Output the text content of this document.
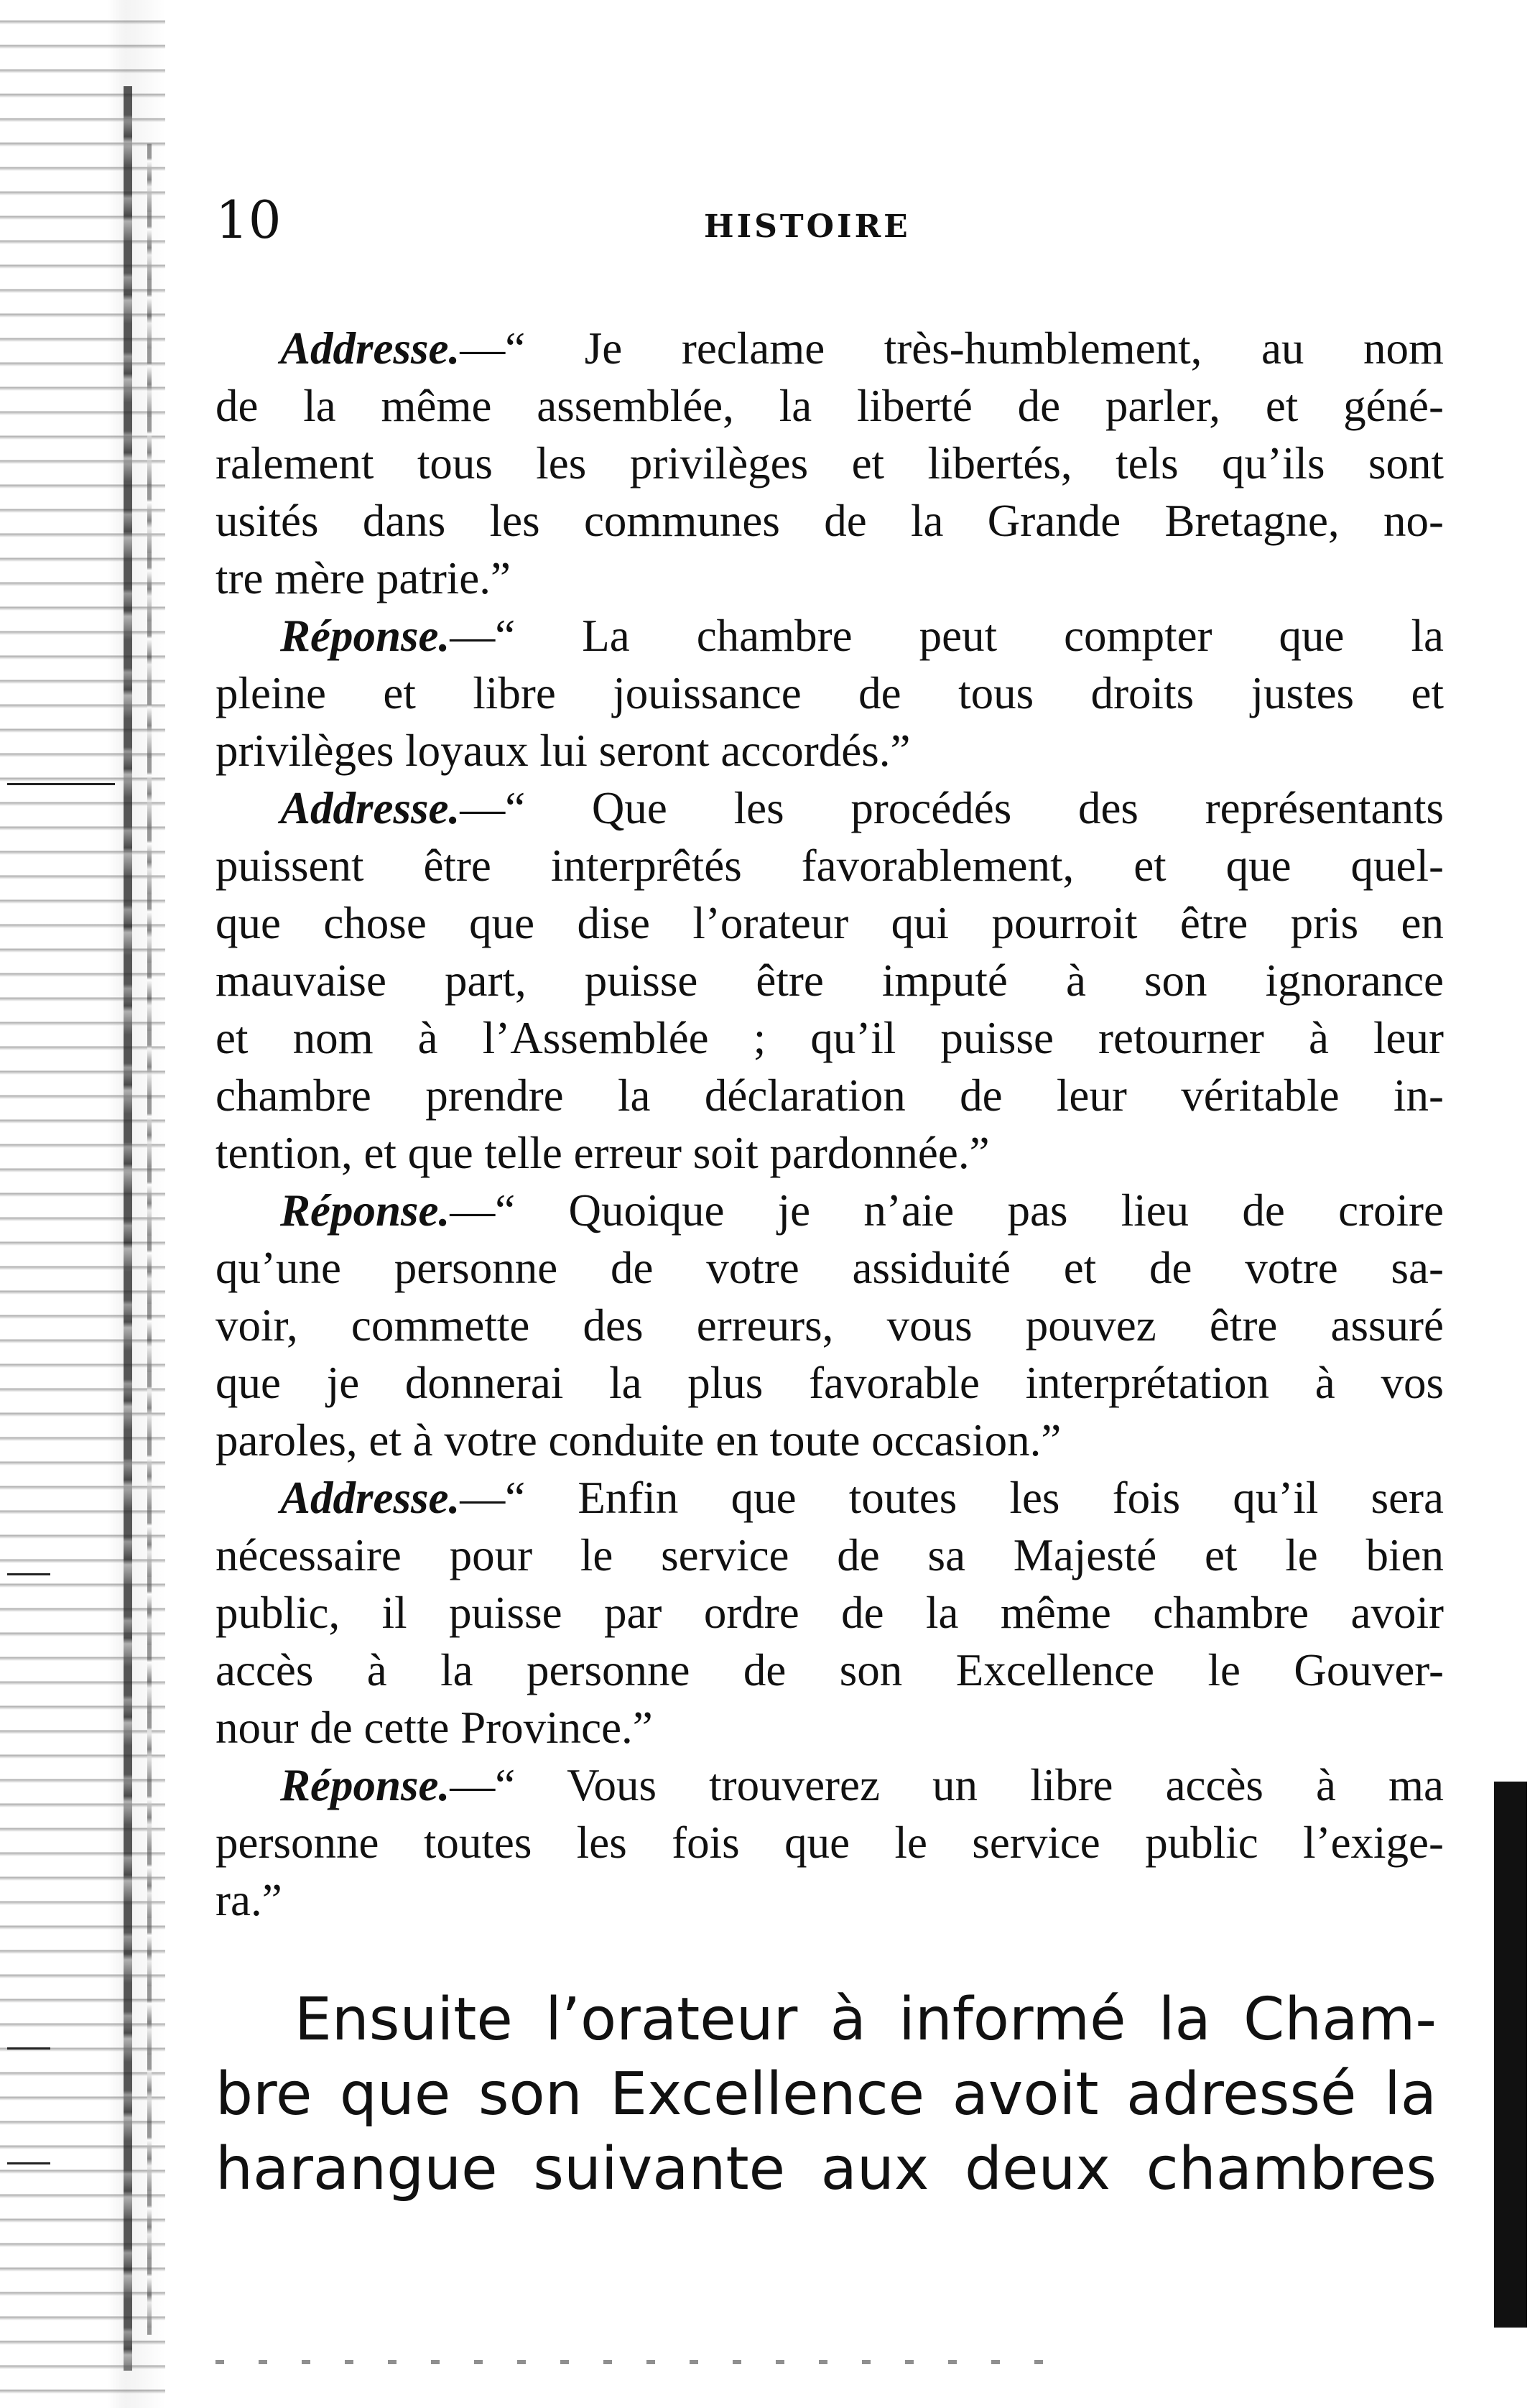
10	HISTOIRE
Addresse.—“ Je reclame très-humblement, au nom
de la même assemblée, la liberté de parler, et géné-
ralement tous les privilèges et libertés, tels qu’ils sont
usités dans les communes de la Grande Bretagne, no-
tre mère patrie.”
Réponse.—“ La chambre peut compter que la
pleine et libre jouissance de tous droits justes et
privilèges loyaux lui seront accordés.”
Addresse.—“ Que les procédés des représentants
puissent être interprêtés favorablement, et que quel-
que chose que dise l’orateur qui pourroit être pris en
mauvaise part, puisse être imputé à son ignorance
et nom à l’Assemblée ; qu’il puisse retourner à leur
chambre prendre la déclaration de leur véritable in-
tention, et que telle erreur soit pardonnée.”
Réponse.—“ Quoique je n’aie pas lieu de croire
qu’une personne de votre assiduité et de votre sa-
voir, commette des erreurs, vous pouvez être assuré
que je donnerai la plus favorable interprétation à vos
paroles, et à votre conduite en toute occasion.”
Addresse.—“ Enfin que toutes les fois qu’il sera
nécessaire pour le service de sa Majesté et le bien
public, il puisse par ordre de la même chambre avoir
accès à la personne de son Excellence le Gouver-
nour de cette Province.”
Réponse.—“ Vous trouverez un libre accès à ma
personne toutes les fois que le service public l’exige-
ra.”
Ensuite l’orateur à informé la Cham-
bre que son Excellence avoit adressé la
harangue suivante aux deux chambres
